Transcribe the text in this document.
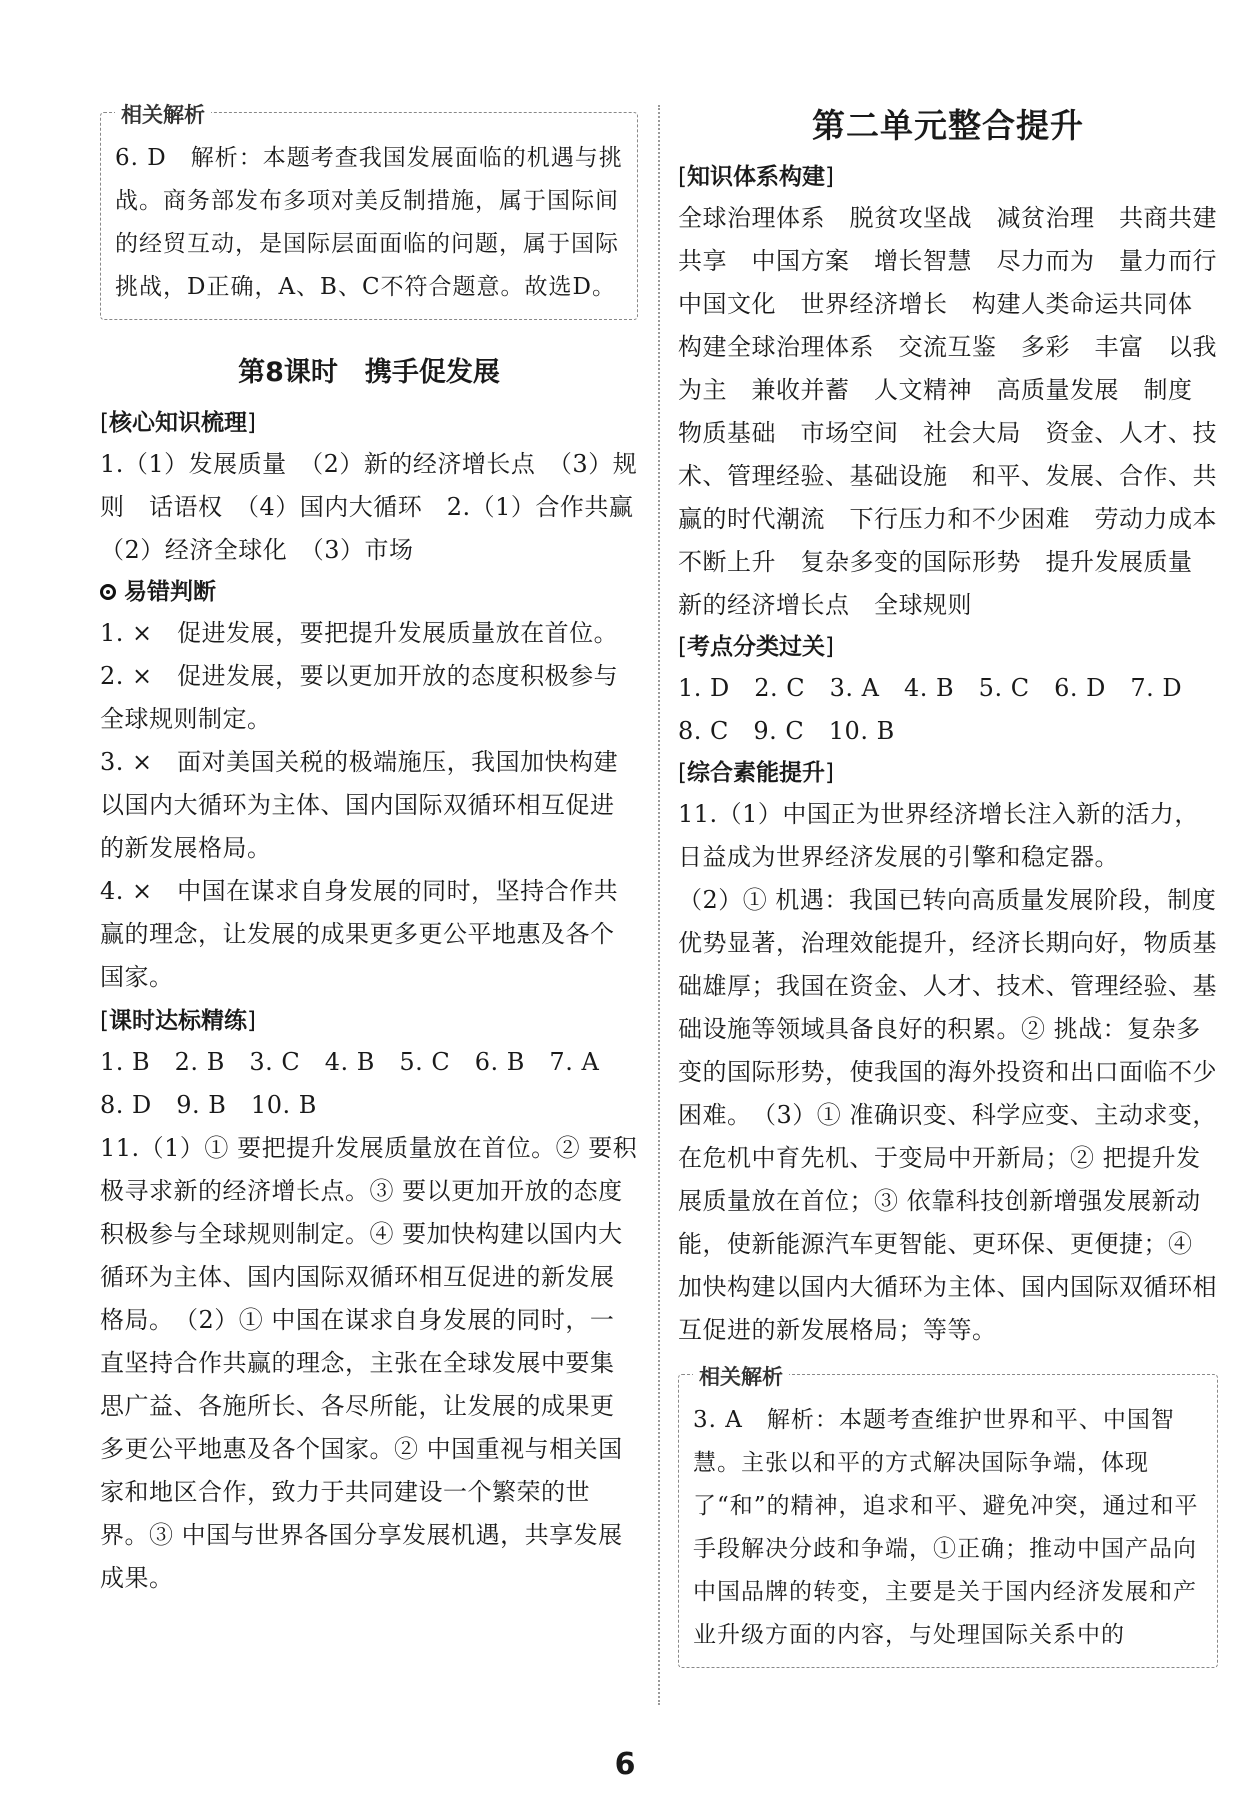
相关解析
6. D　解析：本题考查我国发展面临的机遇与挑战。商务部发布多项对美反制措施，属于国际间的经贸互动，是国际层面面临的问题，属于国际挑战，D正确，A、B、C不符合题意。故选D。
第8课时　携手促发展
[ 核心知识梳理 ]

1.（1）发展质量　（2）新的经济增长点　（3）规则　话语权　（4）国内大循环　2.（1）合作共赢　（2）经济全球化　（3）市场

易错判断

1. ×　促进发展，要把提升发展质量放在首位。

2. ×　促进发展，要以更加开放的态度积极参与全球规则制定。

3. ×　面对美国关税的极端施压，我国加快构建以国内大循环为主体、国内国际双循环相互促进的新发展格局。

4. ×　中国在谋求自身发展的同时，坚持合作共赢的理念，让发展的成果更多更公平地惠及各个国家。

[ 课时达标精练 ]

1. B　2. B　3. C　4. B　5. C　6. B　7. A

8. D　9. B　10. B

11.（1）① 要把提升发展质量放在首位。② 要积极寻求新的经济增长点。③ 要以更加开放的态度积极参与全球规则制定。④ 要加快构建以国内大循环为主体、国内国际双循环相互促进的新发展格局。　（2）① 中国在谋求自身发展的同时，一直坚持合作共赢的理念，主张在全球发展中要集思广益、各施所长、各尽所能，让发展的成果更多更公平地惠及各个国家。② 中国重视与相关国家和地区合作，致力于共同建设一个繁荣的世界。③ 中国与世界各国分享发展机遇，共享发展成果。

第二单元整合提升
[ 知识体系构建 ]

全球治理体系　脱贫攻坚战　减贫治理　共商共建共享　中国方案　增长智慧　尽力而为　量力而行　中国文化　世界经济增长　构建人类命运共同体　构建全球治理体系　交流互鉴　多彩　丰富　以我为主　兼收并蓄　人文精神　高质量发展　制度　物质基础　市场空间　社会大局　资金、人才、技术、管理经验、基础设施　和平、发展、合作、共赢的时代潮流　下行压力和不少困难　劳动力成本不断上升　复杂多变的国际形势　提升发展质量　新的经济增长点　全球规则

[ 考点分类过关 ]

1. D　2. C　3. A　4. B　5. C　6. D　7. D

8. C　9. C　10. B

[ 综合素能提升 ]

11.（1）中国正为世界经济增长注入新的活力，日益成为世界经济发展的引擎和稳定器。

（2）① 机遇：我国已转向高质量发展阶段，制度优势显著，治理效能提升，经济长期向好，物质基础雄厚；我国在资金、人才、技术、管理经验、基础设施等领域具备良好的积累。② 挑战：复杂多变的国际形势，使我国的海外投资和出口面临不少困难。　（3）① 准确识变、科学应变、主动求变，在危机中育先机、于变局中开新局；② 把提升发展质量放在首位；③ 依靠科技创新增强发展新动能，使新能源汽车更智能、更环保、更便捷；④ 加快构建以国内大循环为主体、国内国际双循环相互促进的新发展格局；等等。

相关解析
3. A　解析：本题考查维护世界和平、中国智慧。主张以和平的方式解决国际争端，体现了“和”的精神，追求和平、避免冲突，通过和平手段解决分歧和争端，①正确；推动中国产品向中国品牌的转变，主要是关于国内经济发展和产业升级方面的内容，与处理国际关系中的
6
